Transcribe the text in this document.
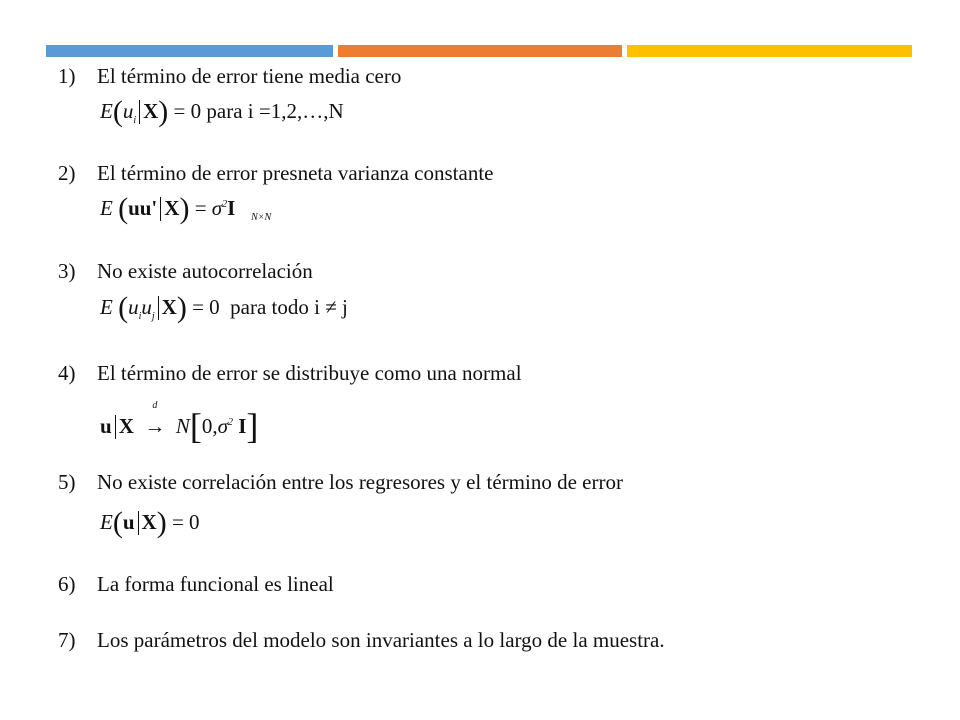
1) El término de error tiene media cero
2) El término de error presneta varianza constante
3) No existe autocorrelación
4) El término de error se distribuye como una normal
5) No existe correlación entre los regresores y el término de error
6) La forma funcional es lineal
7) Los parámetros del modelo son invariantes a lo largo de la muestra.
$E(u_i$ X) = 0 para i =1,2,…,N
E (uu' $X) = \sigma^2I$ $_{N\times N}$
E ($u_iu_j$ X) = 0 para todo i ≠ j
u X
d
→ $N[0,\sigma^2$ I]
E(u X) = 0
